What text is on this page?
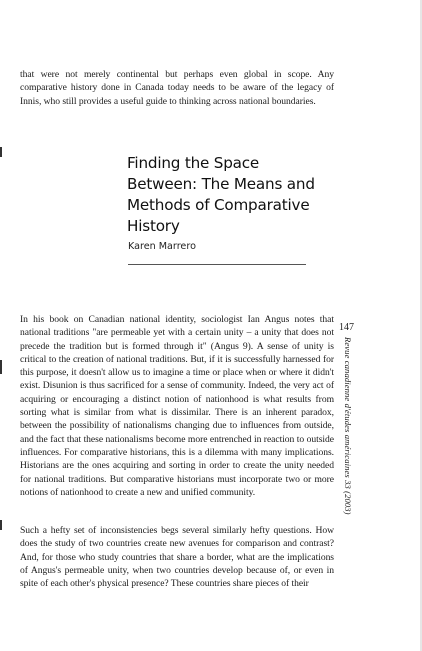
that were not merely continental but perhaps even global in scope. Any comparative history done in Canada today needs to be aware of the legacy of Innis, who still provides a useful guide to thinking across national boundaries.

Finding the Space Between: The Means and Methods of Comparative History

Karen Marrero

In his book on Canadian national identity, sociologist Ian Angus notes that national traditions "are permeable yet with a certain unity – a unity that does not precede the tradition but is formed through it" (Angus 9). A sense of unity is critical to the creation of national traditions. But, if it is successfully harnessed for this purpose, it doesn't allow us to imagine a time or place when or where it didn't exist. Disunion is thus sacrificed for a sense of community. Indeed, the very act of acquiring or encouraging a distinct notion of nationhood is what results from sorting what is similar from what is dissimilar. There is an inherent paradox, between the possibility of nationalisms changing due to influences from outside, and the fact that these nationalisms become more entrenched in reaction to outside influences. For comparative historians, this is a dilemma with many implications. Historians are the ones acquiring and sorting in order to create the unity needed for national traditions. But comparative historians must incorporate two or more notions of nationhood to create a new and unified community.

Such a hefty set of inconsistencies begs several similarly hefty questions. How does the study of two countries create new avenues for comparison and contrast? And, for those who study countries that share a border, what are the implications of Angus's permeable unity, when two countries develop because of, or even in spite of each other's physical presence? These countries share pieces of their

147

Revue canadienne d'études américaines 33 (2003)
